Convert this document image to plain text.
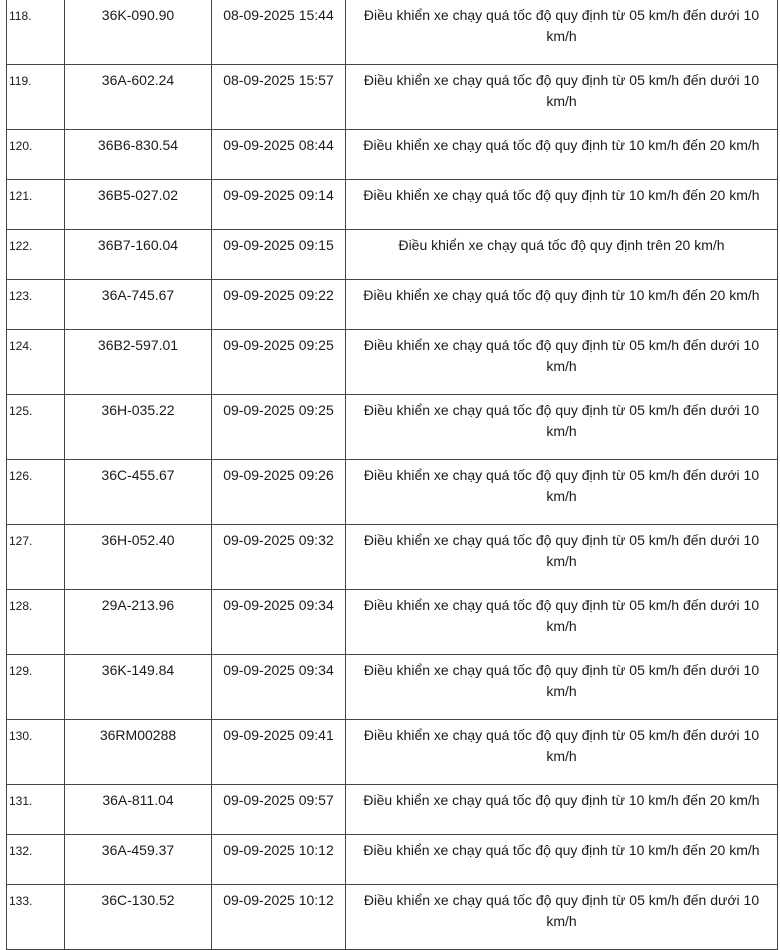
118.	36K-090.90	08-09-2025 15:44	Điều khiển xe chạy quá tốc độ quy định từ 05 km/h đến dưới 10 km/h
119.	36A-602.24	08-09-2025 15:57	Điều khiển xe chạy quá tốc độ quy định từ 05 km/h đến dưới 10 km/h
120.	36B6-830.54	09-09-2025 08:44	Điều khiển xe chạy quá tốc độ quy định từ 10 km/h đến 20 km/h
121.	36B5-027.02	09-09-2025 09:14	Điều khiển xe chạy quá tốc độ quy định từ 10 km/h đến 20 km/h
122.	36B7-160.04	09-09-2025 09:15	Điều khiển xe chạy quá tốc độ quy định trên 20 km/h
123.	36A-745.67	09-09-2025 09:22	Điều khiển xe chạy quá tốc độ quy định từ 10 km/h đến 20 km/h
124.	36B2-597.01	09-09-2025 09:25	Điều khiển xe chạy quá tốc độ quy định từ 05 km/h đến dưới 10 km/h
125.	36H-035.22	09-09-2025 09:25	Điều khiển xe chạy quá tốc độ quy định từ 05 km/h đến dưới 10 km/h
126.	36C-455.67	09-09-2025 09:26	Điều khiển xe chạy quá tốc độ quy định từ 05 km/h đến dưới 10 km/h
127.	36H-052.40	09-09-2025 09:32	Điều khiển xe chạy quá tốc độ quy định từ 05 km/h đến dưới 10 km/h
128.	29A-213.96	09-09-2025 09:34	Điều khiển xe chạy quá tốc độ quy định từ 05 km/h đến dưới 10 km/h
129.	36K-149.84	09-09-2025 09:34	Điều khiển xe chạy quá tốc độ quy định từ 05 km/h đến dưới 10 km/h
130.	36RM00288	09-09-2025 09:41	Điều khiển xe chạy quá tốc độ quy định từ 05 km/h đến dưới 10 km/h
131.	36A-811.04	09-09-2025 09:57	Điều khiển xe chạy quá tốc độ quy định từ 10 km/h đến 20 km/h
132.	36A-459.37	09-09-2025 10:12	Điều khiển xe chạy quá tốc độ quy định từ 10 km/h đến 20 km/h
133.	36C-130.52	09-09-2025 10:12	Điều khiển xe chạy quá tốc độ quy định từ 05 km/h đến dưới 10 km/h
